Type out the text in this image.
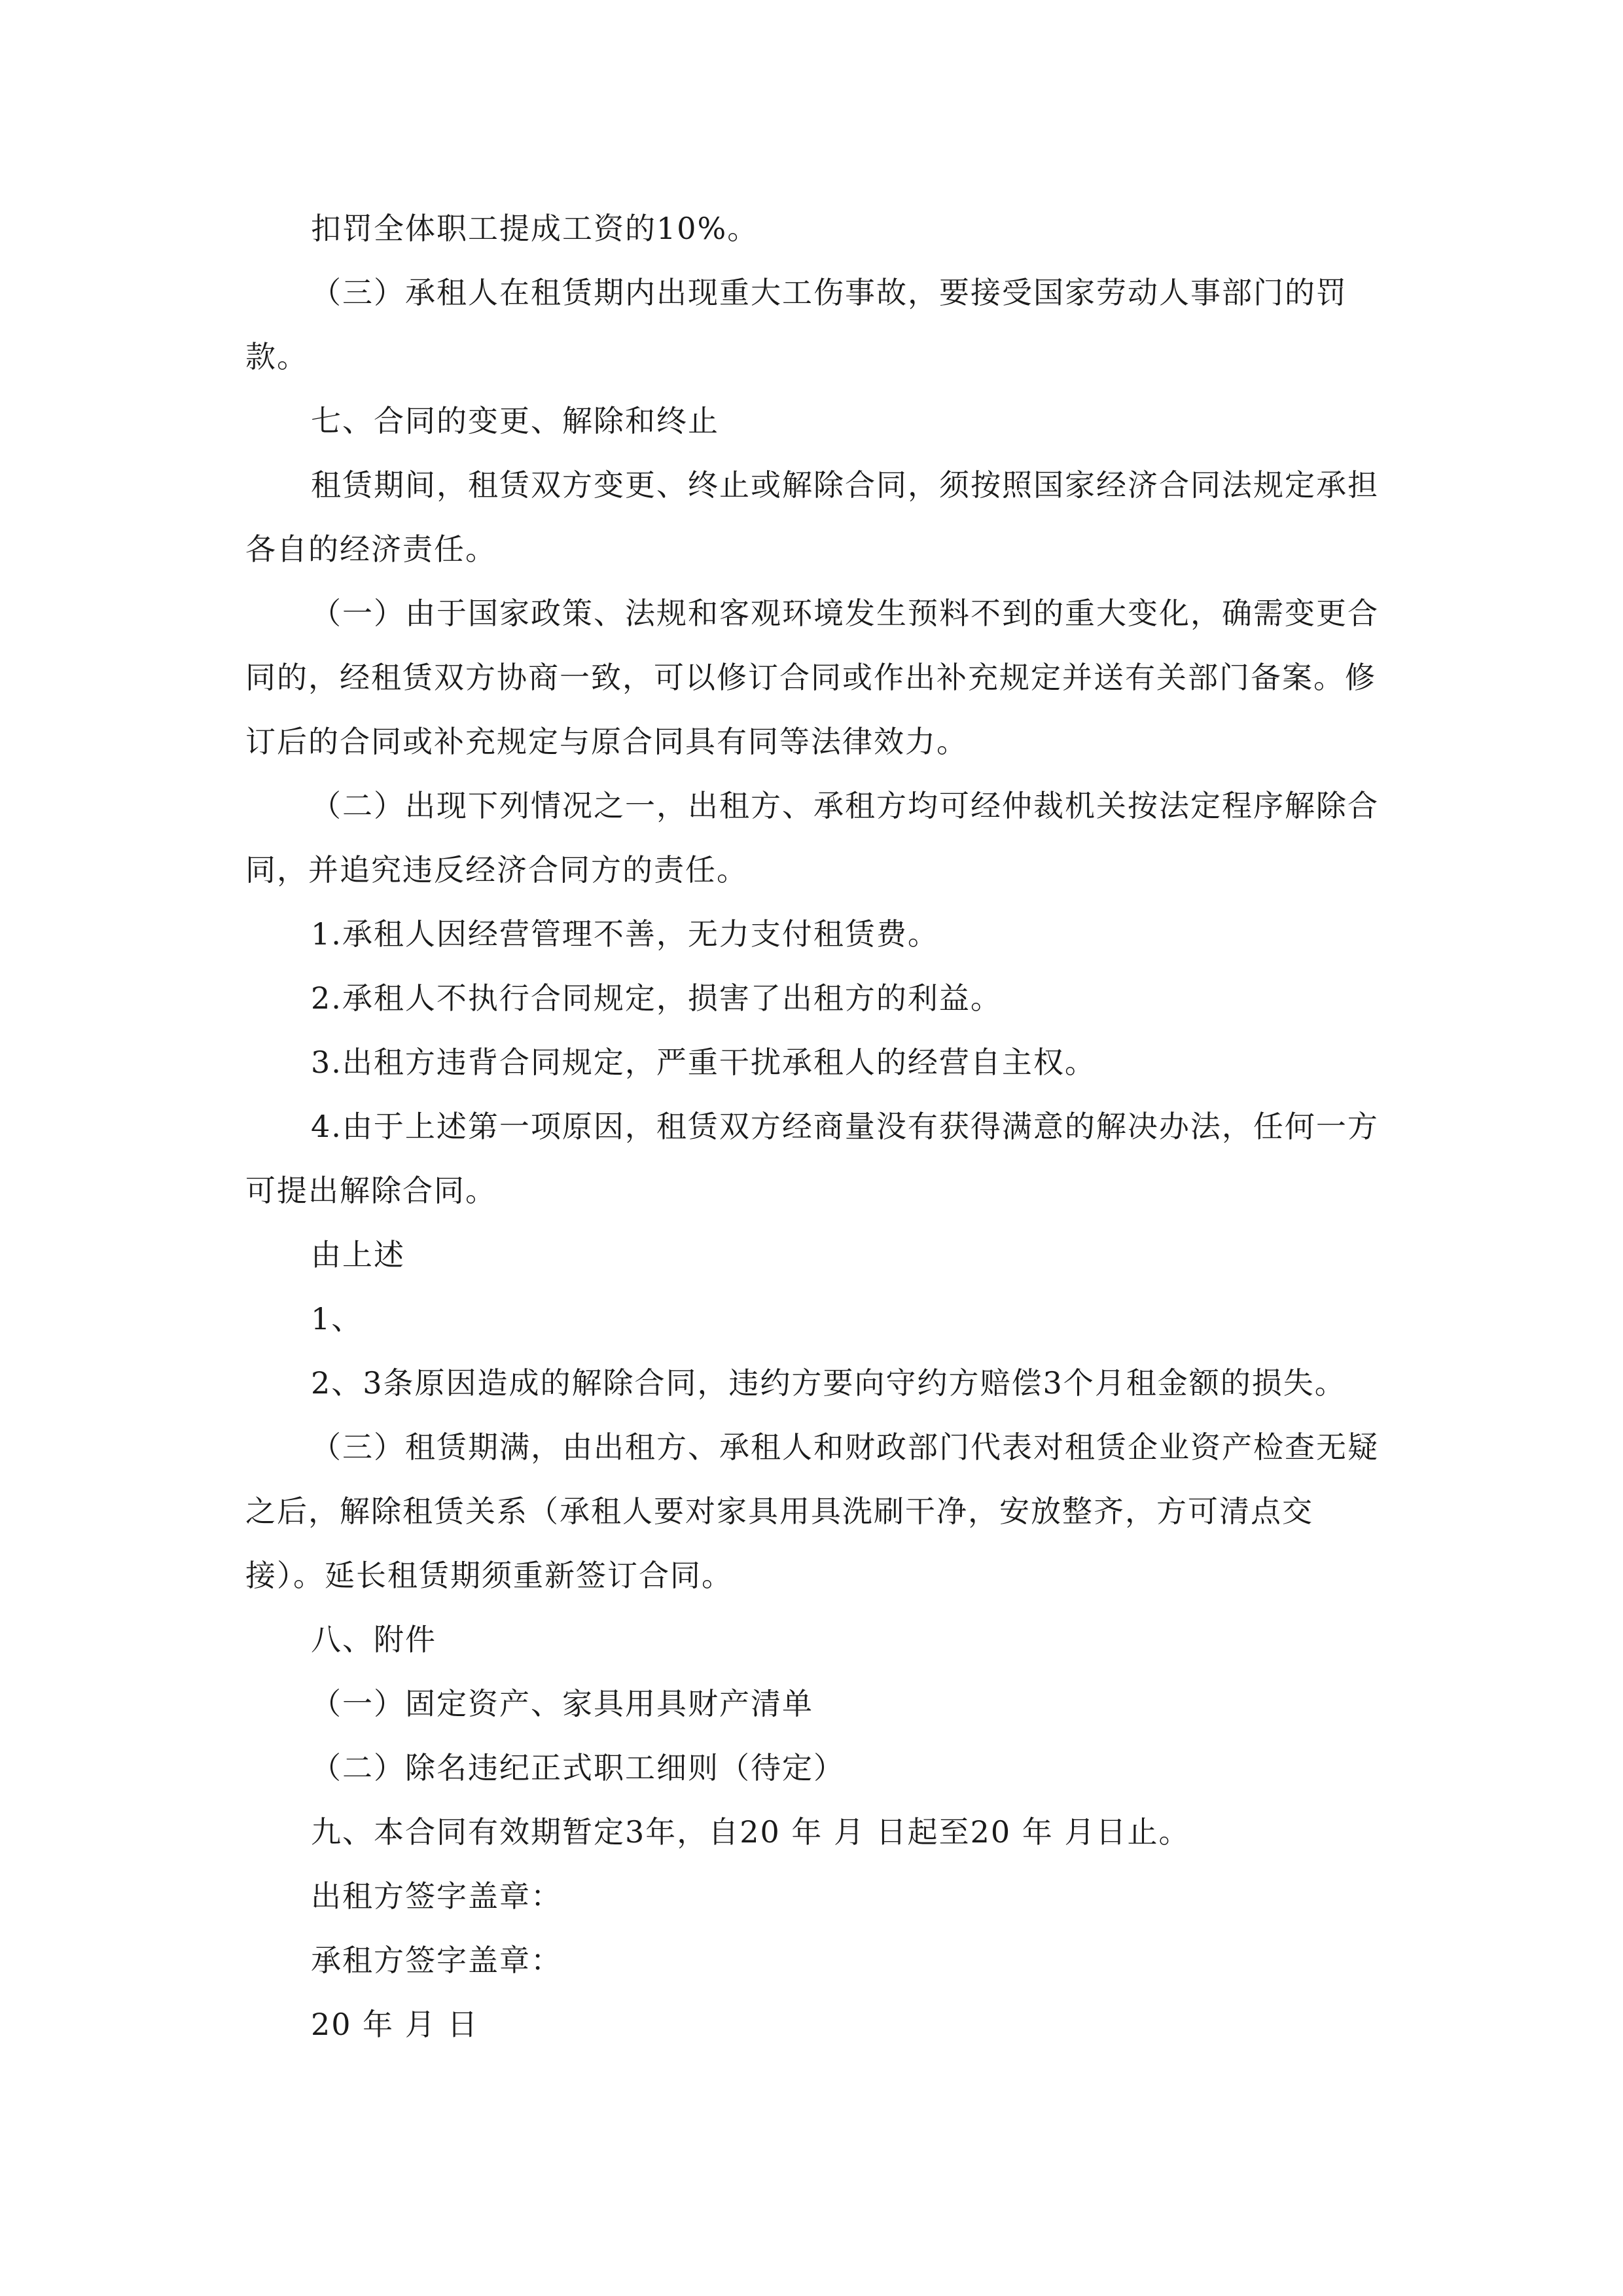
扣罚全体职工提成工资的10%。

（三）承租人在租赁期内出现重大工伤事故，要接受国家劳动人事部门的罚款。

七、合同的变更、解除和终止

租赁期间，租赁双方变更、终止或解除合同，须按照国家经济合同法规定承担各自的经济责任。

（一）由于国家政策、法规和客观环境发生预料不到的重大变化，确需变更合同的，经租赁双方协商一致，可以修订合同或作出补充规定并送有关部门备案。修订后的合同或补充规定与原合同具有同等法律效力。

（二）出现下列情况之一，出租方、承租方均可经仲裁机关按法定程序解除合同，并追究违反经济合同方的责任。

1.承租人因经营管理不善，无力支付租赁费。

2.承租人不执行合同规定，损害了出租方的利益。

3.出租方违背合同规定，严重干扰承租人的经营自主权。

4.由于上述第一项原因，租赁双方经商量没有获得满意的解决办法，任何一方可提出解除合同。

由上述

1、

2、3条原因造成的解除合同，违约方要向守约方赔偿3个月租金额的损失。

（三）租赁期满，由出租方、承租人和财政部门代表对租赁企业资产检查无疑之后，解除租赁关系（承租人要对家具用具洗刷干净，安放整齐，方可清点交接）。延长租赁期须重新签订合同。

八、附件

（一）固定资产、家具用具财产清单

（二）除名违纪正式职工细则（待定）

九、本合同有效期暂定3年，自20 年 月 日起至20 年 月日止。

出租方签字盖章：

承租方签字盖章：

20 年 月 日
